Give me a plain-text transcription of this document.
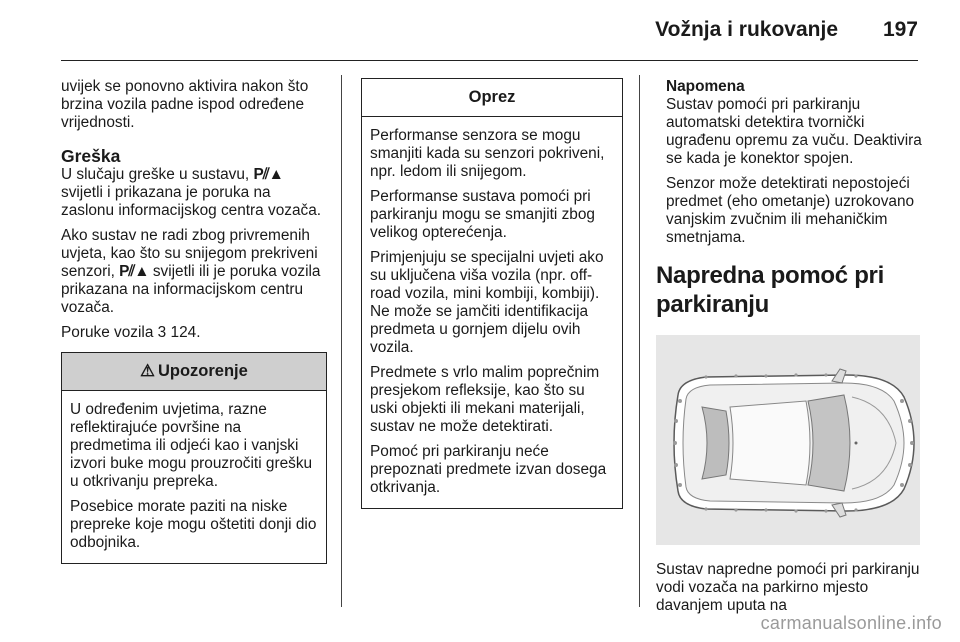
Vožnja i rukovanje 197

uvijek se ponovno aktivira nakon što brzina vozila padne ispod određene vrijednosti.

Greška

U slučaju greške u sustavu, P⫽▲ svijetli i prikazana je poruka na zaslonu informacijskog centra vozača.

Ako sustav ne radi zbog privremenih uvjeta, kao što su snijegom prekriveni senzori, P⫽▲ svijetli ili je poruka vozila prikazana na informacijskom centru vozača.

Poruke vozila 3 124.

⚠ Upozorenje

U određenim uvjetima, razne reflektirajuće površine na predmetima ili odjeći kao i vanjski izvori buke mogu prouzročiti grešku u otkrivanju prepreka.

Posebice morate paziti na niske prepreke koje mogu oštetiti donji dio odbojnika.

Oprez

Performanse senzora se mogu smanjiti kada su senzori pokriveni, npr. ledom ili snijegom.

Performanse sustava pomoći pri parkiranju mogu se smanjiti zbog velikog opterećenja.

Primjenjuju se specijalni uvjeti ako su uključena viša vozila (npr. off-road vozila, mini kombiji, kombiji). Ne može se jamčiti identifikacija predmeta u gornjem dijelu ovih vozila.

Predmete s vrlo malim poprečnim presjekom refleksije, kao što su uski objekti ili mekani materijali, sustav ne može detektirati.

Pomoć pri parkiranju neće prepoznati predmete izvan dosega otkrivanja.

Napomena

Sustav pomoći pri parkiranju automatski detektira tvornički ugrađenu opremu za vuču. Deaktivira se kada je konektor spojen.

Senzor može detektirati nepostojeći predmet (eho ometanje) uzrokovano vanjskim zvučnim ili mehaničkim smetnjama.

Napredna pomoć pri parkiranju

Sustav napredne pomoći pri parkiranju vodi vozača na parkirno mjesto davanjem uputa na

carmanualsonline.info
